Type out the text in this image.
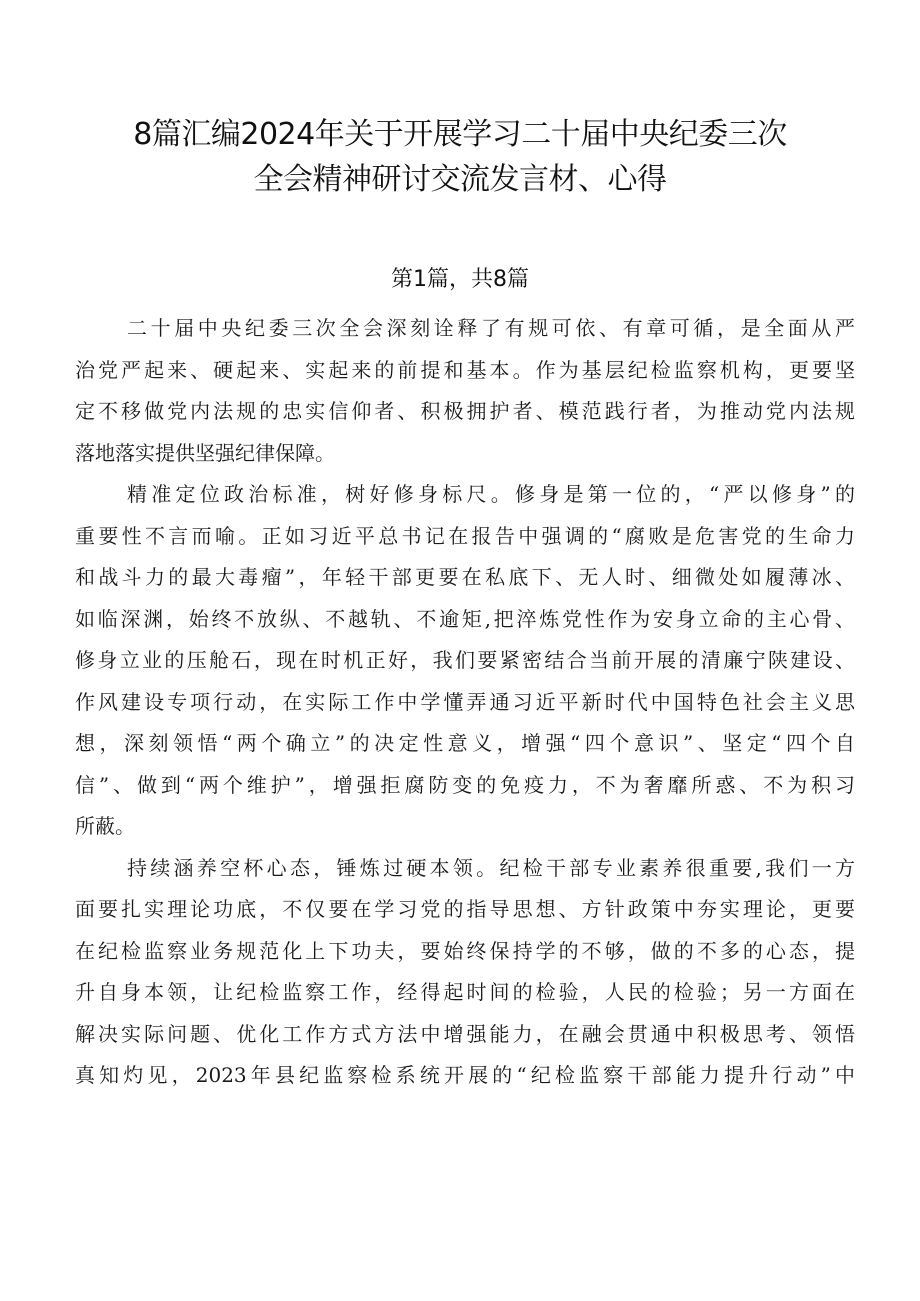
8篇汇编2024年关于开展学习二十届中央纪委三次
全会精神研讨交流发言材、心得
第1篇，共8篇
二十届中央纪委三次全会深刻诠释了有规可依、有章可循，是全面从严
治党严起来、硬起来、实起来的前提和基本。作为基层纪检监察机构，更要坚
定不移做党内法规的忠实信仰者、积极拥护者、模范践行者，为推动党内法规
落地落实提供坚强纪律保障。
精准定位政治标准，树好修身标尺。修身是第一位的，“严以修身”的
重要性不言而喻。正如习近平总书记在报告中强调的“腐败是危害党的生命力
和战斗力的最大毒瘤”，年轻干部更要在私底下、无人时、细微处如履薄冰、
如临深渊，始终不放纵、不越轨、不逾矩,把淬炼党性作为安身立命的主心骨、
修身立业的压舱石，现在时机正好，我们要紧密结合当前开展的清廉宁陕建设、
作风建设专项行动，在实际工作中学懂弄通习近平新时代中国特色社会主义思
想，深刻领悟“两个确立”的决定性意义，增强“四个意识”、坚定“四个自
信”、做到“两个维护”，增强拒腐防变的免疫力，不为奢靡所惑、不为积习
所蔽。
持续涵养空杯心态，锤炼过硬本领。纪检干部专业素养很重要,我们一方
面要扎实理论功底，不仅要在学习党的指导思想、方针政策中夯实理论，更要
在纪检监察业务规范化上下功夫，要始终保持学的不够，做的不多的心态，提
升自身本领，让纪检监察工作，经得起时间的检验，人民的检验；另一方面在
解决实际问题、优化工作方式方法中增强能力，在融会贯通中积极思考、领悟
真知灼见，2023年县纪监察检系统开展的“纪检监察干部能力提升行动”中
